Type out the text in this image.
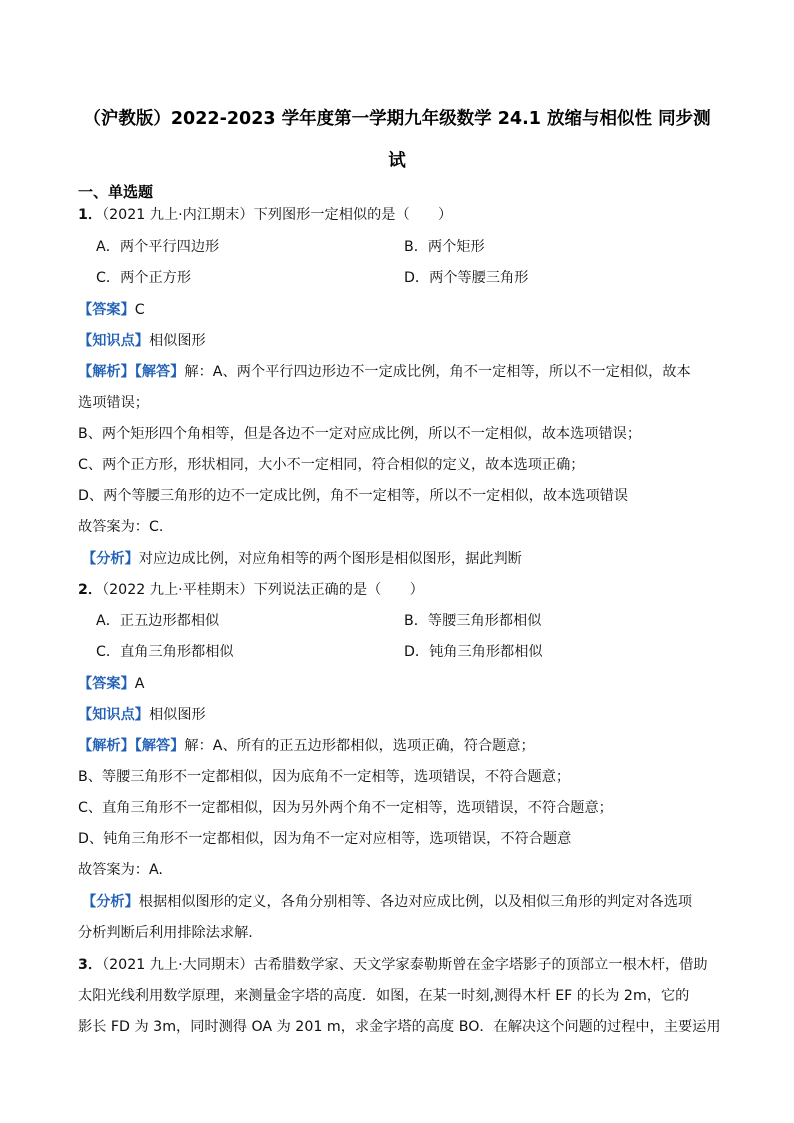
（沪教版）2022-2023 学年度第一学期九年级数学 24.1 放缩与相似性 同步测
试
一、单选题
1．（2021 九上·内江期末）下列图形一定相似的是（　　）
A．两个平行四边形	B．两个矩形
C．两个正方形	D．两个等腰三角形
【答案】C
【知识点】相似图形
【解析】【解答】解：A、两个平行四边形边不一定成比例，角不一定相等，所以不一定相似，故本
选项错误；
B、两个矩形四个角相等，但是各边不一定对应成比例，所以不一定相似，故本选项错误；
C、两个正方形，形状相同，大小不一定相同，符合相似的定义，故本选项正确；
D、两个等腰三角形的边不一定成比例，角不一定相等，所以不一定相似，故本选项错误
故答案为：C.
【分析】对应边成比例，对应角相等的两个图形是相似图形，据此判断
2．（2022 九上·平桂期末）下列说法正确的是（　　）
A．正五边形都相似	B．等腰三角形都相似
C．直角三角形都相似	D．钝角三角形都相似
【答案】A
【知识点】相似图形
【解析】【解答】解：A、所有的正五边形都相似，选项正确，符合题意；
B、等腰三角形不一定都相似，因为底角不一定相等，选项错误，不符合题意；
C、直角三角形不一定都相似，因为另外两个角不一定相等，选项错误，不符合题意；
D、钝角三角形不一定都相似，因为角不一定对应相等，选项错误，不符合题意
故答案为：A.
【分析】根据相似图形的定义，各角分别相等、各边对应成比例，以及相似三角形的判定对各选项
分析判断后利用排除法求解.
3．（2021 九上·大同期末）古希腊数学家、天文学家泰勒斯曾在金字塔影子的顶部立一根木杆，借助
太阳光线利用数学原理，来测量金字塔的高度．如图，在某一时刻,测得木杆 EF 的长为 2m，它的
影长 FD 为 3m，同时测得 OA 为 201 m，求金字塔的高度 BO．在解决这个问题的过程中，主要运用
